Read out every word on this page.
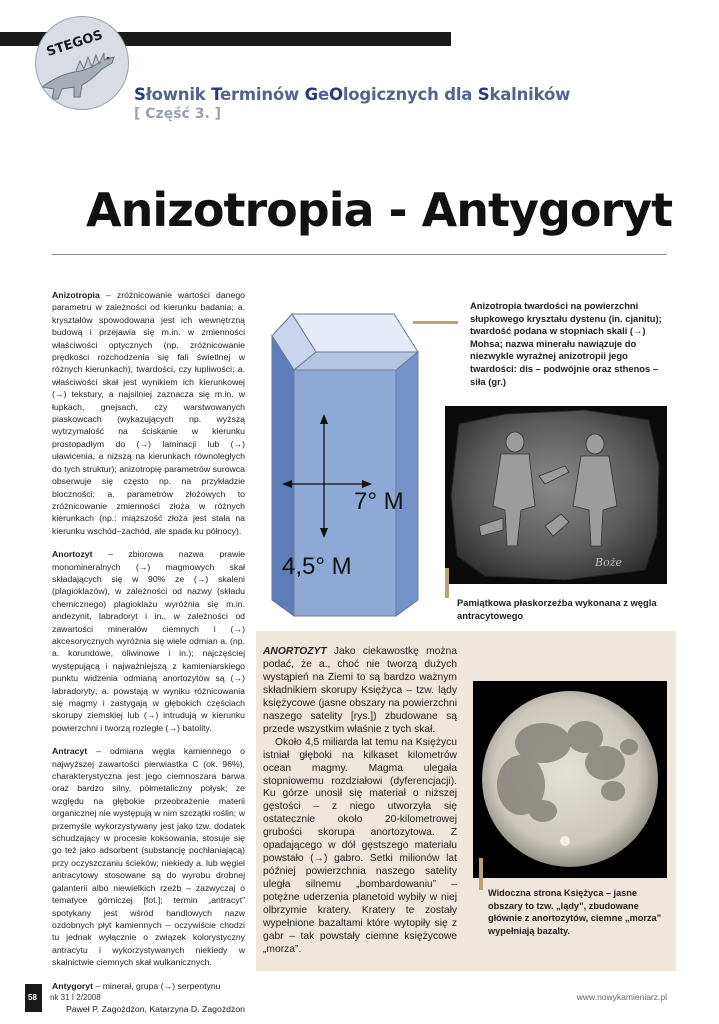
STEGOS
Słownik Terminów GeOlogicznych dla Skalników
[ Część 3. ]
Anizotropia - Antygoryt

Anizotropia – zróżnicowanie wartości danego parametru w zależności od kierunku badania; a. kryształów spowodowana jest ich wewnętrzną budową i przejawia się m.in. w zmienności właściwości optycznych (np. zróżnicowanie prędkości rozchodzenia się fali świetlnej w różnych kierunkach), twardości, czy łupliwości; a. właściwości skał jest wynikiem ich kierunkowej (→) tekstury, a najsilniej zaznacza się m.in. w łupkach, gnejsach, czy warstwowanych piaskowcach (wykazujących np. wyższą wytrzymałość na ściskanie w kierunku prostopadłym do (→) laminacji lub (→) uławicenia, a niższą na kierunkach równoległych do tych struktur); anizotropię parametrów surowca obserwuje się często np. na przykładzie bloczności; a. parametrów złożowych to zróżnicowanie zmienności złoża w różnych kierunkach (np.: miąższość złoża jest stała na kierunku wschód–zachód, ale spada ku północy).

Anortozyt – zbiorowa nazwa prawie monomineralnych (→) magmowych skał składających się w 90% ze (→) skaleni (plagioklazów), w zależności od nazwy (składu chemicznego) plagioklazu wyróżnia się m.in. andezynit, labradoryt i in., w zależności od zawartości minerałów ciemnych i (→) akcesorycznych wyróżnia się wiele odmian a. (np. a. korundowe, oliwinowe i in.); najczęściej występującą i najważniejszą z kamieniarskiego punktu widzenia odmianą anortozytów są (→) labradoryty; a. powstają w wyniku różnicowania się magmy i zastygają w głębokich częściach skorupy ziemskiej lub (→) intrudują w kierunku powierzchni i tworzą rozległe (→) batolity.

Antracyt – odmiana węgla kamiennego o najwyższej zawartości pierwiastka C (ok. 96%), charakterystyczna jest jego ciemnoszara barwa oraz bardzo silny, półmetaliczny połysk; ze względu na głębokie przeobrażenie materii organicznej nie występują w nim szczątki roślin; w przemyśle wykorzystywany jest jako tzw. dodatek schudzający w procesie koksowania, stosuje się go też jako adsorbent (substancję pochłaniającą) przy oczyszczaniu ścieków; niekiedy a. lub węgiel antracytowy stosowane są do wyrobu drobnej galanterii albo niewielkich rzeźb – zazwyczaj o tematyce górniczej [fot.]; termin „antracyt” spotykany jest wśród handlowych nazw ozdobnych płyt kamiennych – oczywiście chodzi tu jednak wyłącznie o związek kolorystyczny antracytu i wykorzystywanych niekiedy w skalnictwie ciemnych skał wulkanicznych.

Antygoryt – minerał, grupa (→) serpentynu

Paweł P. Zagożdżon, Katarzyna D. Zagożdżon

7° M
4,5° M
Anizotropia twardości na powierzchni słupkowego kryształu dystenu (in. cjanitu); twardość podana w stopniach skali (→) Mohsa; nazwa minerału nawiązuje do niezwykle wyrażnej anizotropii jego twardości: dis – podwójnie oraz sthenos – siła (gr.)
Boże
Pamiątkowa płaskorzeźba wykonana z węgla antracytowego

ANORTOZYT Jako ciekawostkę można podać, że a., choć nie tworzą dużych wystąpień na Ziemi to są bardzo ważnym składnikiem skorupy Księżyca – tzw. lądy księżycowe (jasne obszary na powierzchni naszego satelity [rys.]) zbudowane są przede wszystkim właśnie z tych skał.

Około 4,5 miliarda lat temu na Księżycu istniał głęboki na kilkaset kilometrów ocean magmy. Magma ulegała stopniowemu rozdziałowi (dyferencjacji). Ku górze unosił się materiał o niższej gęstości – z niego utworzyła się ostatecznie około 20-kilometrowej grubości skorupa anortozytowa. Z opadającego w dół gęstszego materiału powstało (→) gabro. Setki milionów lat później powierzchnia naszego satelity uległa silnemu „bombardowaniu” – potężne uderzenia planetoid wybiły w niej olbrzymie kratery. Kratery te zostały wypełnione bazaltami które wytopiły się z gabr – tak powstały ciemne księżycowe „morza”.

Widoczna strona Księżyca – jasne obszary to tzw. „lądy”, zbudowane głównie z anortozytów, ciemne „morza” wypełniają bazalty.
58 nk 31 I 2/2008	www.nowykamieniarz.pl
